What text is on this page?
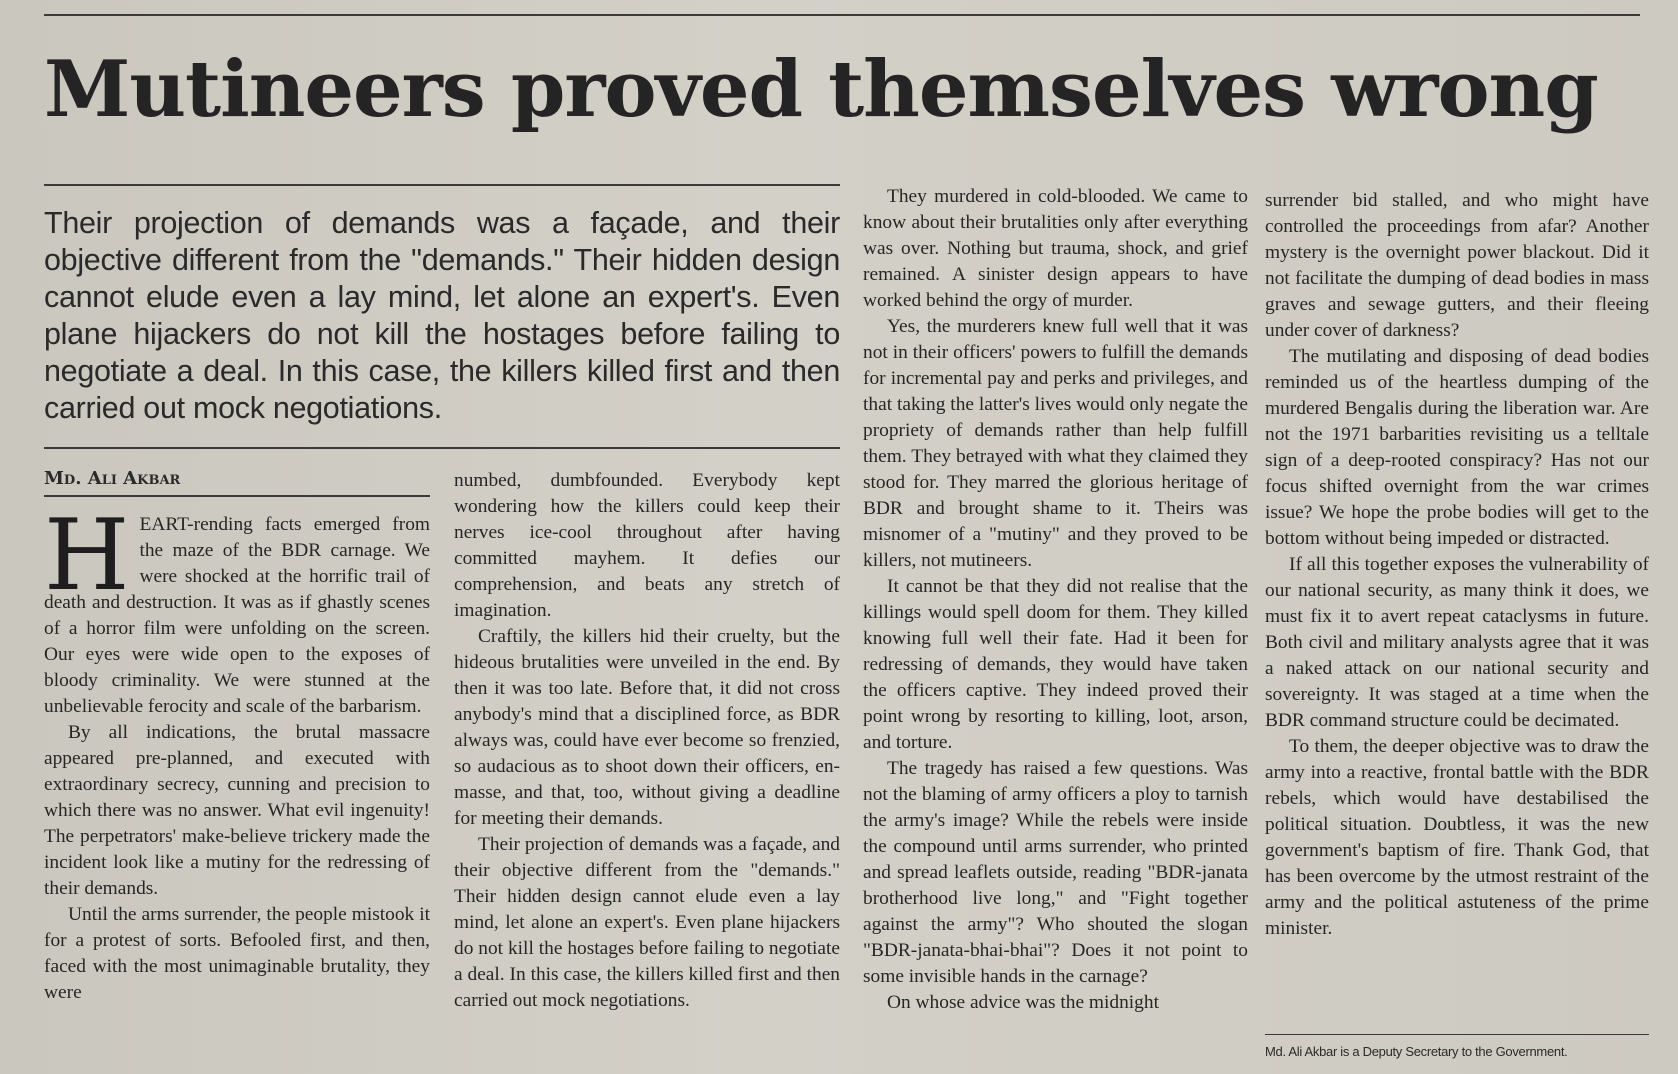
Mutineers proved themselves wrong
Their projection of demands was a façade, and their objective different from the "demands." Their hidden design cannot elude even a lay mind, let alone an expert's. Even plane hijackers do not kill the hostages before failing to negotiate a deal. In this case, the killers killed first and then carried out mock negotiations.
Md. Ali Akbar

HEART-rending facts emerged from the maze of the BDR carnage. We were shocked at the horrific trail of death and destruction. It was as if ghastly scenes of a horror film were unfolding on the screen. Our eyes were wide open to the exposes of bloody criminality. We were stunned at the unbelievable ferocity and scale of the barbarism.

By all indications, the brutal massacre appeared pre-planned, and executed with extraordinary secrecy, cunning and precision to which there was no answer. What evil ingenuity! The perpetrators' make-believe trickery made the incident look like a mutiny for the redressing of their demands.

Until the arms surrender, the people mistook it for a protest of sorts. Befooled first, and then, faced with the most unimaginable brutality, they were

numbed, dumbfounded. Everybody kept wondering how the killers could keep their nerves ice-cool throughout after having committed mayhem. It defies our comprehension, and beats any stretch of imagination.

Craftily, the killers hid their cruelty, but the hideous brutalities were unveiled in the end. By then it was too late. Before that, it did not cross anybody's mind that a disciplined force, as BDR always was, could have ever become so frenzied, so audacious as to shoot down their officers, en-masse, and that, too, without giving a deadline for meeting their demands.

Their projection of demands was a façade, and their objective different from the "demands." Their hidden design cannot elude even a lay mind, let alone an expert's. Even plane hijackers do not kill the hostages before failing to negotiate a deal. In this case, the killers killed first and then carried out mock negotiations.

They murdered in cold-blooded. We came to know about their brutalities only after everything was over. Nothing but trauma, shock, and grief remained. A sinister design appears to have worked behind the orgy of murder.

Yes, the murderers knew full well that it was not in their officers' powers to fulfill the demands for incremental pay and perks and privileges, and that taking the latter's lives would only negate the propriety of demands rather than help fulfill them. They betrayed with what they claimed they stood for. They marred the glorious heritage of BDR and brought shame to it. Theirs was misnomer of a "mutiny" and they proved to be killers, not mutineers.

It cannot be that they did not realise that the killings would spell doom for them. They killed knowing full well their fate. Had it been for redressing of demands, they would have taken the officers captive. They indeed proved their point wrong by resorting to killing, loot, arson, and torture.

The tragedy has raised a few questions. Was not the blaming of army officers a ploy to tarnish the army's image? While the rebels were inside the compound until arms surrender, who printed and spread leaflets outside, reading "BDR-janata brotherhood live long," and "Fight together against the army"? Who shouted the slogan "BDR-janata-bhai-bhai"? Does it not point to some invisible hands in the carnage?

On whose advice was the midnight

surrender bid stalled, and who might have controlled the proceedings from afar? Another mystery is the overnight power blackout. Did it not facilitate the dumping of dead bodies in mass graves and sewage gutters, and their fleeing under cover of darkness?

The mutilating and disposing of dead bodies reminded us of the heartless dumping of the murdered Bengalis during the liberation war. Are not the 1971 barbarities revisiting us a telltale sign of a deep-rooted conspiracy? Has not our focus shifted overnight from the war crimes issue? We hope the probe bodies will get to the bottom without being impeded or distracted.

If all this together exposes the vulnerability of our national security, as many think it does, we must fix it to avert repeat cataclysms in future. Both civil and military analysts agree that it was a naked attack on our national security and sovereignty. It was staged at a time when the BDR command structure could be decimated.

To them, the deeper objective was to draw the army into a reactive, frontal battle with the BDR rebels, which would have destabilised the political situation. Doubtless, it was the new government's baptism of fire. Thank God, that has been overcome by the utmost restraint of the army and the political astuteness of the prime minister.

Md. Ali Akbar is a Deputy Secretary to the Government.
